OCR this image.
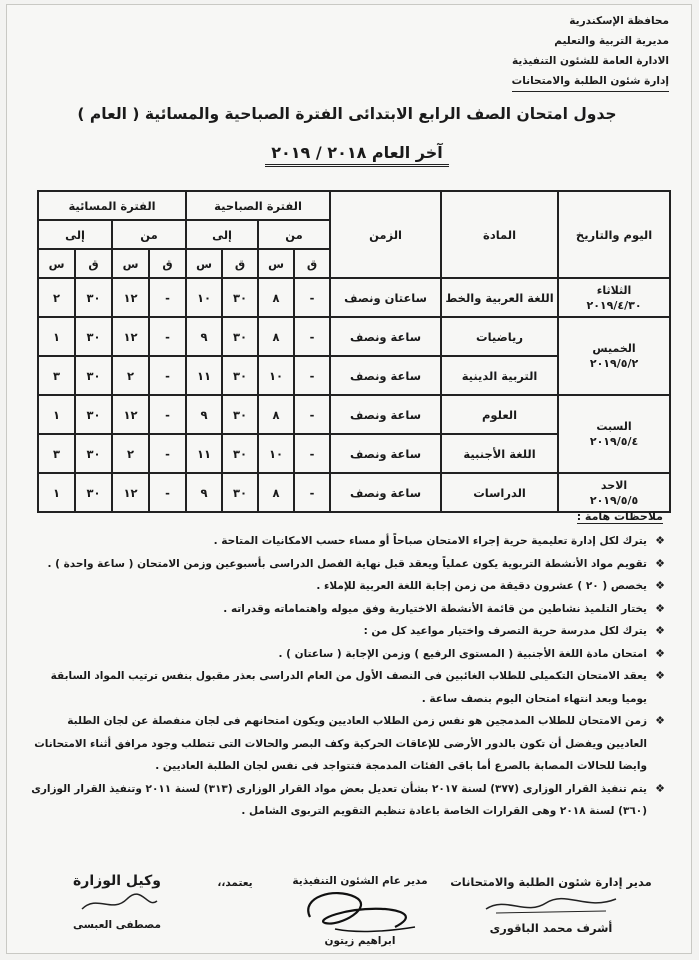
محافظة الإسكندرية
مديرية التربية والتعليم
الادارة العامة للشئون التنفيذية
إدارة شئون الطلبة والامتحانات
جدول امتحان الصف الرابع الابتدائى الفترة الصباحية والمسائية ( العام )
آخر العام ٢٠١٨ / ٢٠١٩
اليوم والتاريخ	المادة	الزمن	الفترة الصباحية				الفترة المسائية			
			من		إلى		من		إلى	
			ق	س	ق	س	ق	س	ق	س

الثلاثاء
٢٠١٩/٤/٣٠	اللغة العربية والخط	ساعتان ونصف	-	٨	٣٠	١٠	-	١٢	٣٠	٢

الخميس
٢٠١٩/٥/٢	رياضيات	ساعة ونصف	-	٨	٣٠	٩	-	١٢	٣٠	١
	التربية الدينية	ساعة ونصف	-	١٠	٣٠	١١	-	٢	٣٠	٣

السبت
٢٠١٩/٥/٤	العلوم	ساعة ونصف	-	٨	٣٠	٩	-	١٢	٣٠	١
	اللغة الأجنبية	ساعة ونصف	-	١٠	٣٠	١١	-	٢	٣٠	٣

الاحد
٢٠١٩/٥/٥	الدراسات	ساعة ونصف	-	٨	٣٠	٩	-	١٢	٣٠	١
ملاحظات هامة :
❖
يترك لكل إدارة تعليمية حرية إجراء الامتحان صباحاً أو مساء حسب الامكانيات المتاحة .
❖
تقويم مواد الأنشطة التربوية يكون عملياً ويعقد قبل نهاية الفصل الدراسى بأسبوعين وزمن الامتحان ( ساعة واحدة ) .
❖
يخصص ( ٢٠ ) عشرون دقيقة من زمن إجابة اللغة العربية للإملاء .
❖
يختار التلميذ نشاطين من قائمة الأنشطة الاختيارية وفق ميوله واهتماماته وقدراته .
❖
يترك لكل مدرسة حرية التصرف واختيار مواعيد كل من :
❖
امتحان مادة اللغة الأجنبية ( المستوى الرفيع ) وزمن الإجابة ( ساعتان ) .
❖
يعقد الامتحان التكميلى للطلاب الغائبين فى النصف الأول من العام الدراسى بعذر مقبول بنفس ترتيب المواد السابقة يوميا وبعد انتهاء امتحان اليوم بنصف ساعة .
❖
زمن الامتحان للطلاب المدمجين هو نفس زمن الطلاب العاديين ويكون امتحانهم فى لجان منفصلة عن لجان الطلبة العاديين ويفضل أن تكون بالدور الأرضى للإعاقات الحركية وكف البصر والحالات التى تتطلب وجود مرافق أثناء الامتحانات وايضا للحالات المصابة بالصرع أما باقى الفئات المدمجة فتتواجد فى نفس لجان الطلبة العاديين .
❖
يتم تنفيذ القرار الوزارى (٣٧٧) لسنة ٢٠١٧ بشأن تعديل بعض مواد القرار الوزارى (٣١٣) لسنة ٢٠١١ وتنفيذ القرار الوزارى (٣٦٠) لسنة ٢٠١٨ وهى القرارات الخاصة باعادة تنظيم التقويم التربوى الشامل .
مدير إدارة شئون الطلبة والامتحانات
أشرف محمد الباقورى
مدير عام الشئون التنفيذية
ابراهيم زيتون
يعتمد،،
وكيل الوزارة
مصطفى العبسى
